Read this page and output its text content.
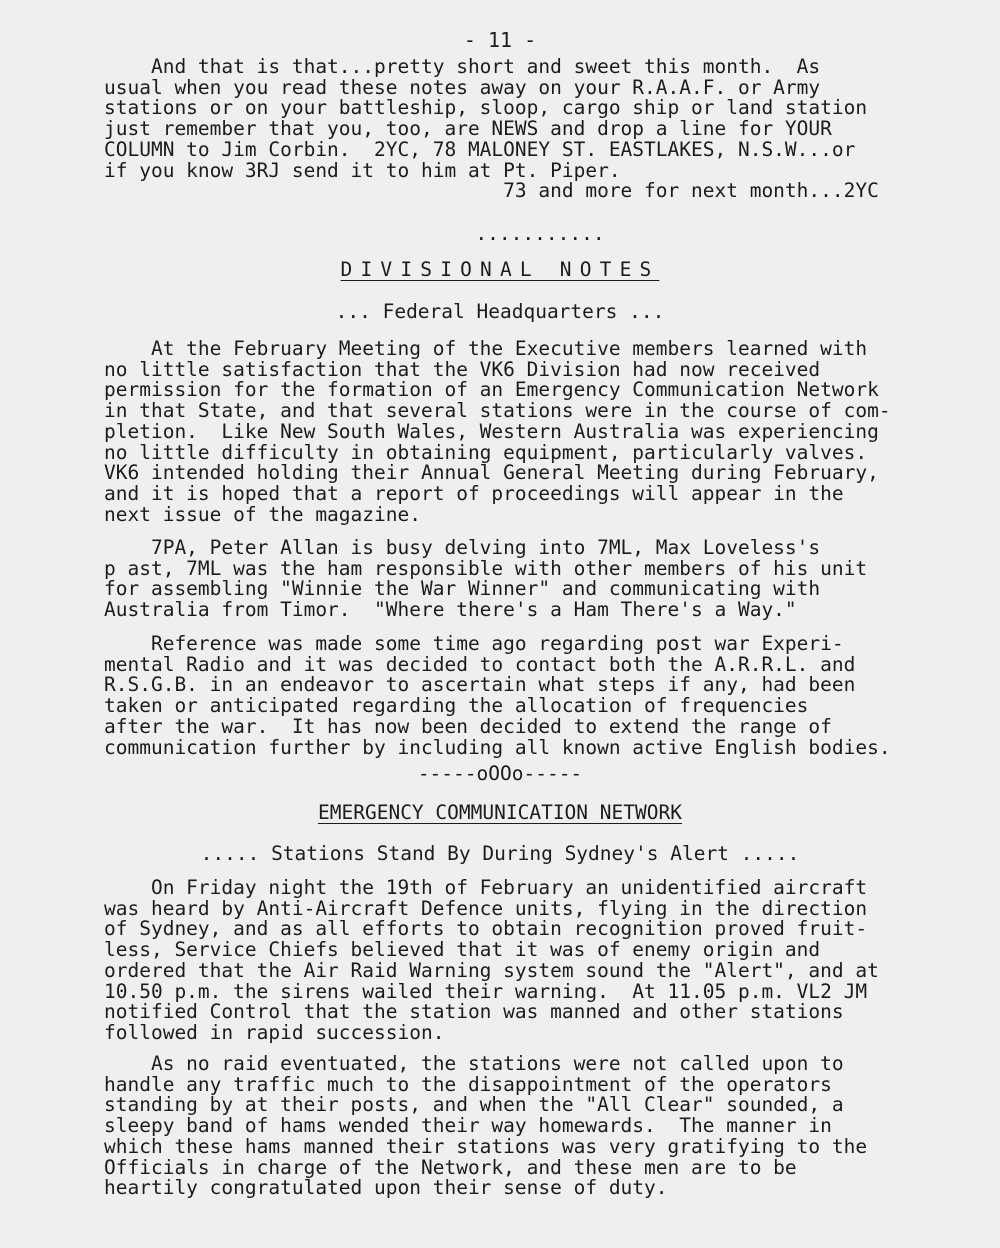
- 11 -
And that is that...pretty short and sweet this month.  As
usual when you read these notes away on your R.A.A.F. or Army
stations or on your battleship, sloop, cargo ship or land station
just remember that you, too, are NEWS and drop a line for YOUR
COLUMN to Jim Corbin.  2YC, 78 MALONEY ST. EASTLAKES, N.S.W...or
if you know 3RJ send it to him at Pt. Piper.
73 and more for next month...2YC
...........
DIVISIONAL NOTES
... Federal Headquarters ...
At the February Meeting of the Executive members learned with
no little satisfaction that the VK6 Division had now received
permission for the formation of an Emergency Communication Network
in that State, and that several stations were in the course of com-
pletion.  Like New South Wales, Western Australia was experiencing
no little difficulty in obtaining equipment, particularly valves.
VK6 intended holding their Annual General Meeting during February,
and it is hoped that a report of proceedings will appear in the
next issue of the magazine.
7PA, Peter Allan is busy delving into 7ML, Max Loveless's
p ast, 7ML was the ham responsible with other members of his unit
for assembling "Winnie the War Winner" and communicating with
Australia from Timor.  "Where there's a Ham There's a Way."
Reference was made some time ago regarding post war Experi-
mental Radio and it was decided to contact both the A.R.R.L. and
R.S.G.B. in an endeavor to ascertain what steps if any, had been
taken or anticipated regarding the allocation of frequencies
after the war.  It has now been decided to extend the range of
communication further by including all known active English bodies.
-----oOOo-----
EMERGENCY COMMUNICATION NETWORK
..... Stations Stand By During Sydney's Alert .....
On Friday night the 19th of February an unidentified aircraft
was heard by Anti-Aircraft Defence units, flying in the direction
of Sydney, and as all efforts to obtain recognition proved fruit-
less, Service Chiefs believed that it was of enemy origin and
ordered that the Air Raid Warning system sound the "Alert", and at
10.50 p.m. the sirens wailed their warning.  At 11.05 p.m. VL2 JM
notified Control that the station was manned and other stations
followed in rapid succession.
As no raid eventuated, the stations were not called upon to
handle any traffic much to the disappointment of the operators
standing by at their posts, and when the "All Clear" sounded, a
sleepy band of hams wended their way homewards.  The manner in
which these hams manned their stations was very gratifying to the
Officials in charge of the Network, and these men are to be
heartily congratulated upon their sense of duty.
